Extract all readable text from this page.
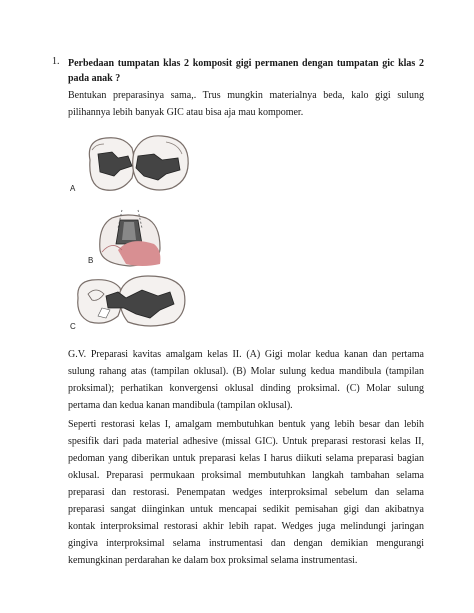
1. Perbedaan tumpatan klas 2 komposit gigi permanen dengan tumpatan gic klas 2 pada anak ?
Bentukan preparasinya sama,. Trus mungkin materialnya beda, kalo gigi sulung pilihannya lebih banyak GIC atau bisa aja mau kompomer.
A
B
C
G.V. Preparasi kavitas amalgam kelas II. (A) Gigi molar kedua kanan dan pertama sulung rahang atas (tampilan oklusal). (B) Molar sulung kedua mandibula (tampilan proksimal); perhatikan konvergensi oklusal dinding proksimal. (C) Molar sulung pertama dan kedua kanan mandibula (tampilan oklusal).
Seperti restorasi kelas I, amalgam membutuhkan bentuk yang lebih besar dan lebih spesifik dari pada material adhesive (missal GIC). Untuk preparasi restorasi kelas II, pedoman yang diberikan untuk preparasi kelas I harus diikuti selama preparasi bagian oklusal. Preparasi permukaan proksimal membutuhkan langkah tambahan selama preparasi dan restorasi. Penempatan wedges interproksimal sebelum dan selama preparasi sangat diinginkan untuk mencapai sedikit pemisahan gigi dan akibatnya kontak interproksimal restorasi akhir lebih rapat. Wedges juga melindungi jaringan gingiva interproksimal selama instrumentasi dan dengan demikian mengurangi kemungkinan perdarahan ke dalam box proksimal selama instrumentasi.
